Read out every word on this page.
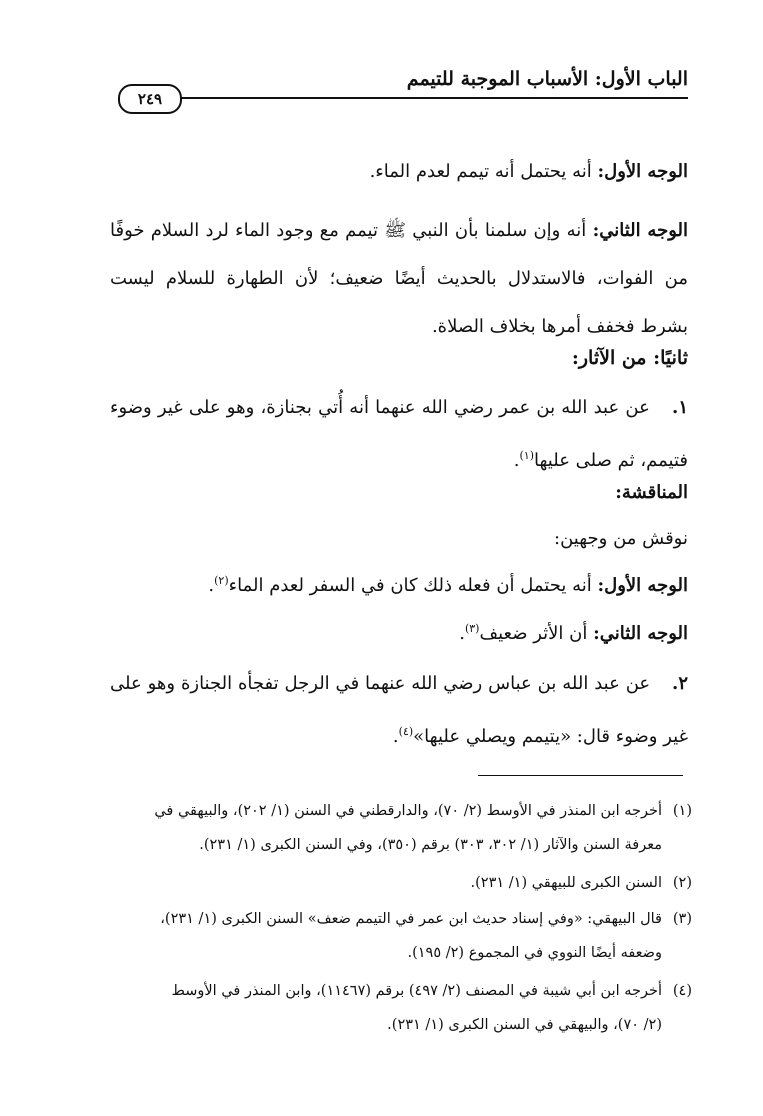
الباب الأول: الأسباب الموجبة للتيمم
٢٤٩
الوجه الأول: أنه يحتمل أنه تيمم لعدم الماء.
الوجه الثاني: أنه وإن سلمنا بأن النبي ﷺ تيمم مع وجود الماء لرد السلام خوفًا من الفوات، فالاستدلال بالحديث أيضًا ضعيف؛ لأن الطهارة للسلام ليست بشرط فخفف أمرها بخلاف الصلاة.
ثانيًا: من الآثار:
١. عن عبد الله بن عمر رضي الله عنهما أنه أُتي بجنازة، وهو على غير وضوء فتيمم، ثم صلى عليها$^{(١)}$.
المناقشة:
نوقش من وجهين:
الوجه الأول: أنه يحتمل أن فعله ذلك كان في السفر لعدم الماء$^{(٢)}$.
الوجه الثاني: أن الأثر ضعيف$^{(٣)}$.
٢. عن عبد الله بن عباس رضي الله عنهما في الرجل تفجأه الجنازة وهو على غير وضوء قال: «يتيمم ويصلي عليها»$^{(٤)}$.
(١)أخرجه ابن المنذر في الأوسط (٢/ ٧٠)، والدارقطني في السنن (١/ ٢٠٢)، والبيهقي في
معرفة السنن والآثار (١/ ٣٠٢، ٣٠٣) برقم (٣٥٠)، وفي السنن الكبرى (١/ ٢٣١).
(٢)السنن الكبرى للبيهقي (١/ ٢٣١).
(٣)قال البيهقي: «وفي إسناد حديث ابن عمر في التيمم ضعف» السنن الكبرى (١/ ٢٣١)،
وضعفه أيضًا النووي في المجموع (٢/ ١٩٥).
(٤)أخرجه ابن أبي شيبة في المصنف (٢/ ٤٩٧) برقم (١١٤٦٧)، وابن المنذر في الأوسط
(٢/ ٧٠)، والبيهقي في السنن الكبرى (١/ ٢٣١).
